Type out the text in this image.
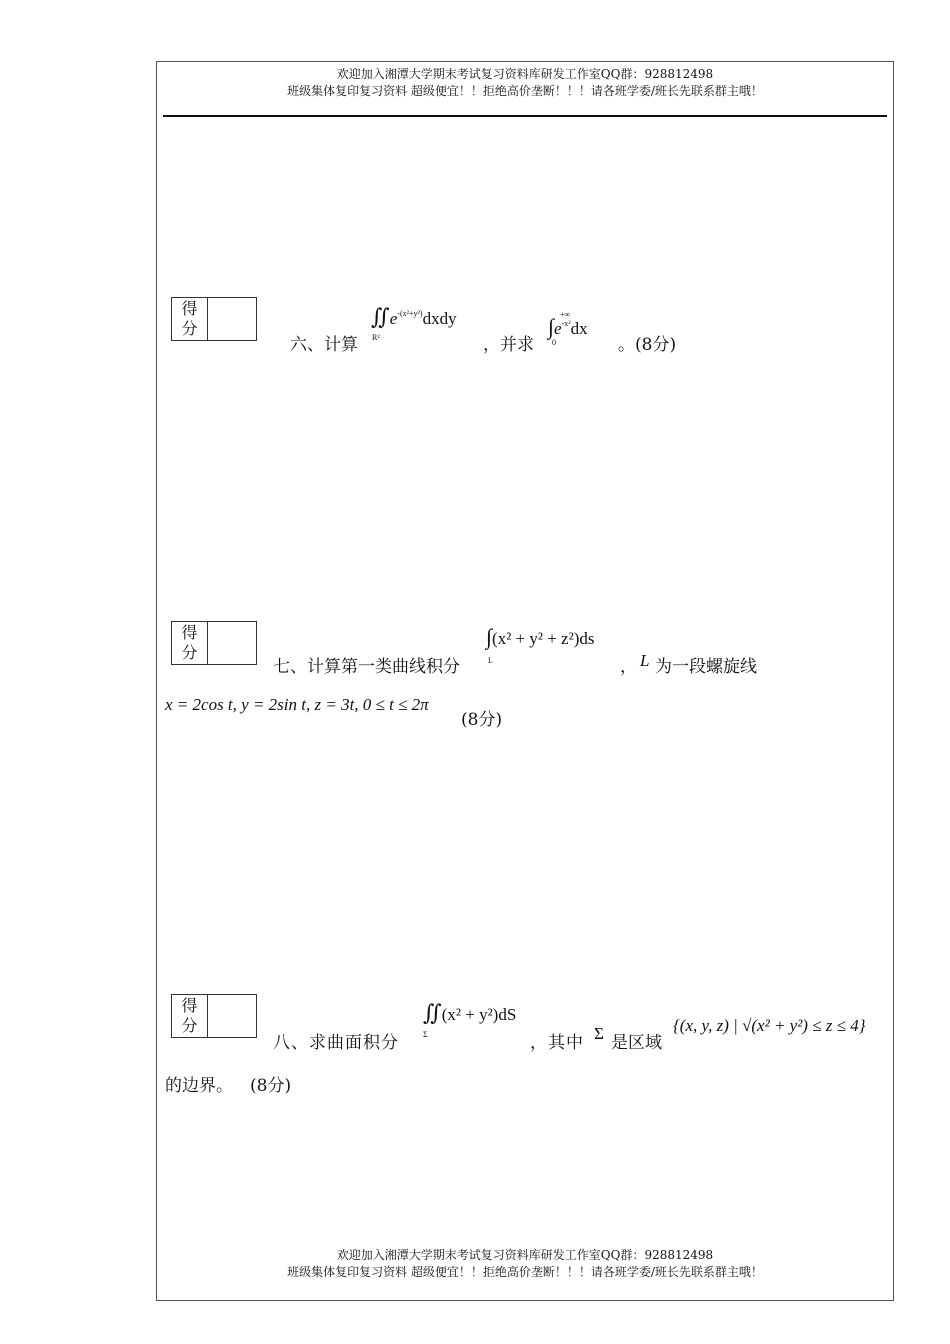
欢迎加入湘潭大学期末考试复习资料库研发工作室QQ群：928812498
班级集体复印复习资料 超级便宜！！拒绝高价垄断！！！请各班学委/班长先联系群主哦！
得
分
六、计算
$∬e^{-(x^2+y^2)}dxdy$
R²	，并求
$\int e^{-x^2}dx$
+∞
0	。(8分)
得
分
七、计算第一类曲线积分
∫(x² + y² + z²)ds
L	， L 为一段螺旋线
x = 2cos t, y = 2sin t, z = 3t, 0 ≤ t ≤ 2π
(8分)
得
分
八、求曲面积分
∬(x² + y²)dS
Σ	，其中 Σ 是区域
{(x, y, z) | √(x² + y²) ≤ z ≤ 4}
的边界。 (8分)
欢迎加入湘潭大学期末考试复习资料库研发工作室QQ群：928812498
班级集体复印复习资料 超级便宜！！拒绝高价垄断！！！请各班学委/班长先联系群主哦！
